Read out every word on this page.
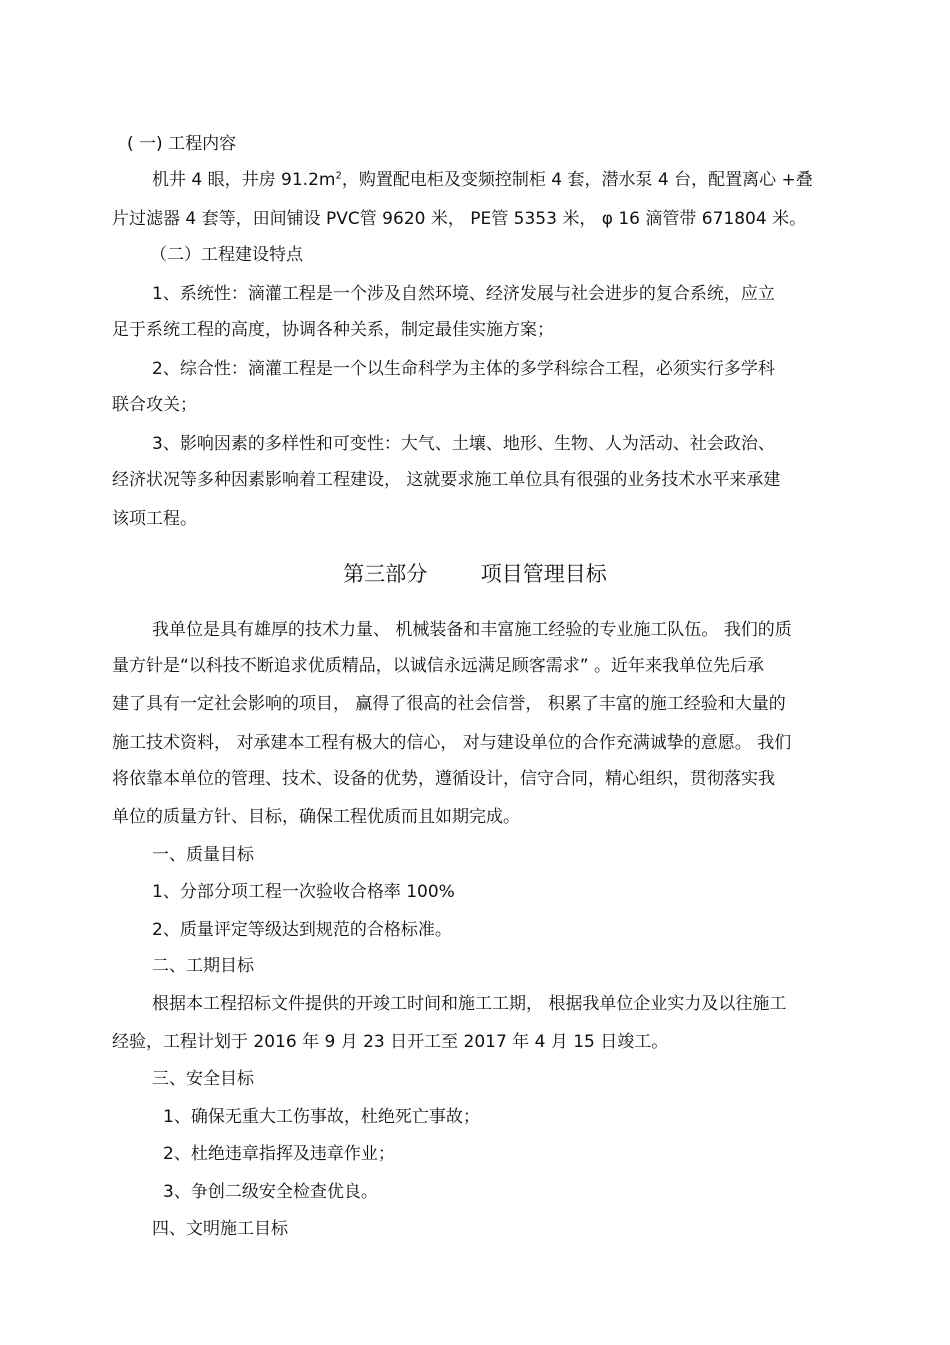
( 一) 工程内容
机井 4 眼，井房 $91.2m^2$，购置配电柜及变频控制柜 4 套，潜水泵 4 台，配置离心 +叠
片过滤器 4 套等，田间铺设 PVC管 9620 米， PE管 5353 米， φ 16 滴管带 671804 米。
（二）工程建设特点
1、系统性：滴灌工程是一个涉及自然环境、经济发展与社会进步的复合系统，应立
足于系统工程的高度，协调各种关系，制定最佳实施方案；
2、综合性：滴灌工程是一个以生命科学为主体的多学科综合工程，必须实行多学科
联合攻关；
3、影响因素的多样性和可变性：大气、土壤、地形、生物、人为活动、社会政治、
经济状况等多种因素影响着工程建设， 这就要求施工单位具有很强的业务技术水平来承建
该项工程。
第三部分        项目管理目标
我单位是具有雄厚的技术力量、 机械装备和丰富施工经验的专业施工队伍。 我们的质
量方针是“以科技不断追求优质精品，以诚信永远满足顾客需求” 。近年来我单位先后承
建了具有一定社会影响的项目， 赢得了很高的社会信誉， 积累了丰富的施工经验和大量的
施工技术资料， 对承建本工程有极大的信心， 对与建设单位的合作充满诚挚的意愿。 我们
将依靠本单位的管理、技术、设备的优势，遵循设计，信守合同，精心组织，贯彻落实我
单位的质量方针、目标，确保工程优质而且如期完成。
一、质量目标
1、分部分项工程一次验收合格率 100%
2、质量评定等级达到规范的合格标准。
二、工期目标
根据本工程招标文件提供的开竣工时间和施工工期， 根据我单位企业实力及以往施工
经验，工程计划于 2016 年 9 月 23 日开工至 2017 年 4 月 15 日竣工。
三、安全目标
1、确保无重大工伤事故，杜绝死亡事故；
2、杜绝违章指挥及违章作业；
3、争创二级安全检查优良。
四、文明施工目标
